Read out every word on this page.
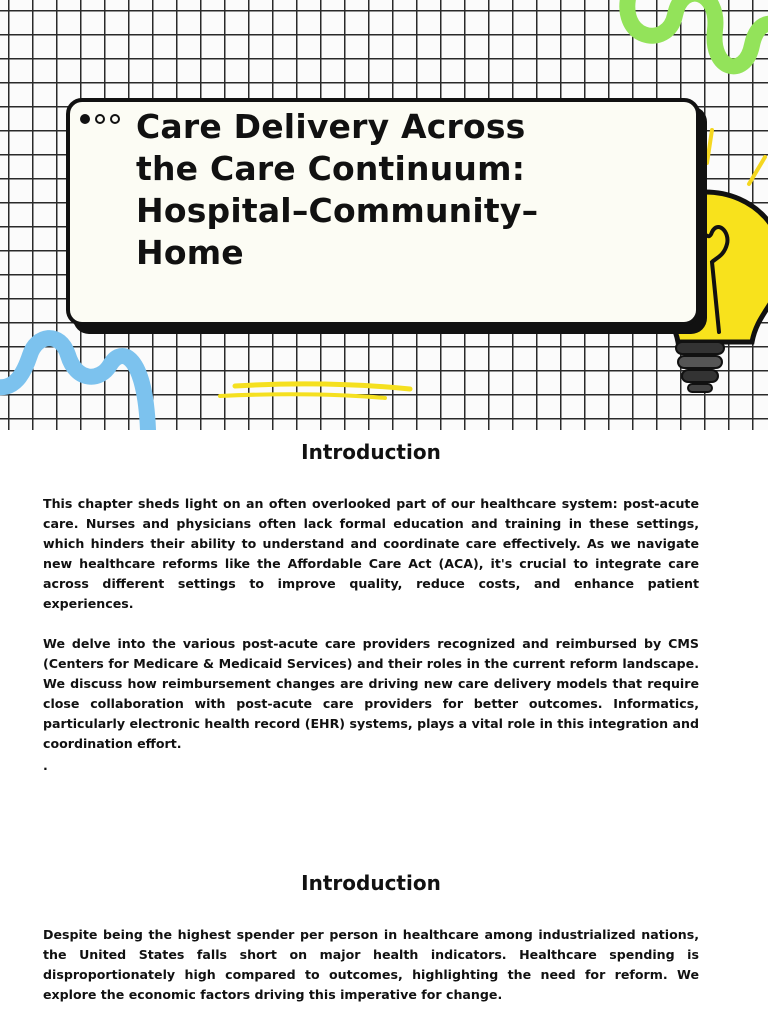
Care Delivery Across
the Care Continuum:
Hospital–Community–
Home
Introduction

This chapter sheds light on an often overlooked part of our healthcare system: post-acute care. Nurses and physicians often lack formal education and training in these settings, which hinders their ability to understand and coordinate care effectively. As we navigate new healthcare reforms like the Affordable Care Act (ACA), it's crucial to integrate care across different settings to improve quality, reduce costs, and enhance patient experiences.

We delve into the various post-acute care providers recognized and reimbursed by CMS (Centers for Medicare & Medicaid Services) and their roles in the current reform landscape. We discuss how reimbursement changes are driving new care delivery models that require close collaboration with post-acute care providers for better outcomes. Informatics, particularly electronic health record (EHR) systems, plays a vital role in this integration and coordination effort.

.

Introduction

Despite being the highest spender per person in healthcare among industrialized nations, the United States falls short on major health indicators. Healthcare spending is disproportionately high compared to outcomes, highlighting the need for reform. We explore the economic factors driving this imperative for change.
